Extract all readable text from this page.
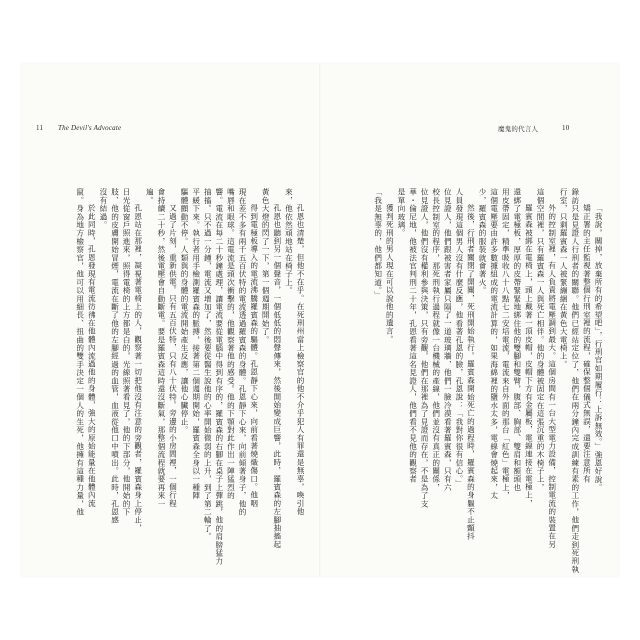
11 The Devil's Advocate
孔恩也清楚，但他不在乎。在死刑州當上檢察官的他不介乎犯人有罪還是無辜，喚引他
來，他依然頑地站在椅子上。
孔恩也聽到另一個聲音，一個低低的悶聲傳來，然後開始變成巨響，此時，羅賓森的左腳抽搐起
黃色大燈的閃了一下，第一個週期開始了。
得到電極板導入的電流沸騰羅賓森的驅體。孔恩靜下心來，向前看著燒熾傷口。他咽
現在差不多有兩千五百伏特的電流透過羅賓森的身體。孔恩靜下心來，向前傾著身子，他的
嘴唇和眼球。這電流是頭次衝擊的，他觀察著他的感受。他的下顎對此作出一陣猛烈的
響。電流在每二十秒鐘處理，讓電流要從電腦中得到有序的，羅賓森的右腳在桌子上彈跳，他的肩膀猛力
抽搐。只不過一分鐘，電流又增加了，然後要從醫生說他的心率開始微弱的上升，到了第二輪了。
平緩下來。執行者用手檢測羅賓森的脈搏，接著第二個週期開始，羅賓森全身以一種陣
驅體顫動不停。人類與的身體的電流開始產生反應，讓他心臟停止。
又過了片刻，重新供電。只有五百伏特，只有八十伏特。旁邊的小房間裡，一個行程
會持續二十秒，然後電壓會自動斷電。要是羅賓森這時還沒斷氣，那整個流程就要再來一
遍。
孔恩站在那裡，凝視著電椅上的人，觀察著一切把他沒有注意的旁觀者，羅賓森身上停止，
日光從窗戶照進來，照得電椅的上方都是白的，光線照著看見了，他的下部分，他開始的下
肢、他的皮膚開始冒煙，電流在斷了他的左腳經過的血管，血液從他口中噴出。此時，孔恩感
沒有結過。
於此同時，孔恩發現有電流彷彿在他體內流過他的身體，強大的原始能量在他體內流
竄。身為地方檢察官，他可以用細長、扭曲的雙手決定一個人的生死，他擁有這種力量，他
魔鬼的代言人	10
「我說，關掉，放棄所有的希望吧」，行刑官如期履行：上訴無效。」強恩好說。
矯正署的主任監視著整個行刑室裡的流程，確保整個儀式無誤，還要注意所有
錄訪只是見證人行刑者的關聯。他們已經站定位了，他們在兩分鐘內完成訓練有素的工作，他們走到死刑執
行室，只剩羅賓森一人被緊繃綑在黃色大電椅上。
外的控制室裡，有人負責將電壓調到最大。這個房間有一台大型電力設備，控制電流的裝置在另
這個空間裡，只有羅賓森一人與死亡相伴。他的身體被固定在這張沉重的木椅子上，
羅賓森被綁在電椅上，頭上戴著一頂皮帽，皮帽下方有金屬板，電線連接在電極上，
還綁了電極板，厚厚的皮帶緊緊地綁住他的雙腳和雙臂，腹部、胸部、雙肩和額頭也
用皮帶固定，精準吸收八十八點七二安培電流，電流來自外面的那台「紅色」電極上，
這個電壓要由許多數據組成的電流計算的，如果海綿裡的鹽水太多，電線會燒起來，太
少，羅賓森的服裝就會著火。
然後，行刑者關閉了開關，死刑開始執行。羅賓森開始死亡的過程時，羅賓森的身軀不止顫抖
人員發現這個男人沒有什麼反應，他看著孔恩的臉，孔恩說：「我對你很有信心。」
位見證人，他們跟被害者家屬只隔了一道玻璃牆，他們一臉冷漠看著羅賓森，只有六
校長控制室的程序，那死刑執行過程就像一台機械的產線，他們並沒有真正的關係，
位見證人，他們沒有權利參與決策，只有旁觀，他們在那裡為了見證而存在，不是為了支
華・倫尼地，他被法官判刑二十年，孔恩看著這名見證人，他們看不見他的觀察者
是單向玻璃。
獲判死刑的男人現在可以說他的遺言。
「我是無辜的，他們都知道。」
